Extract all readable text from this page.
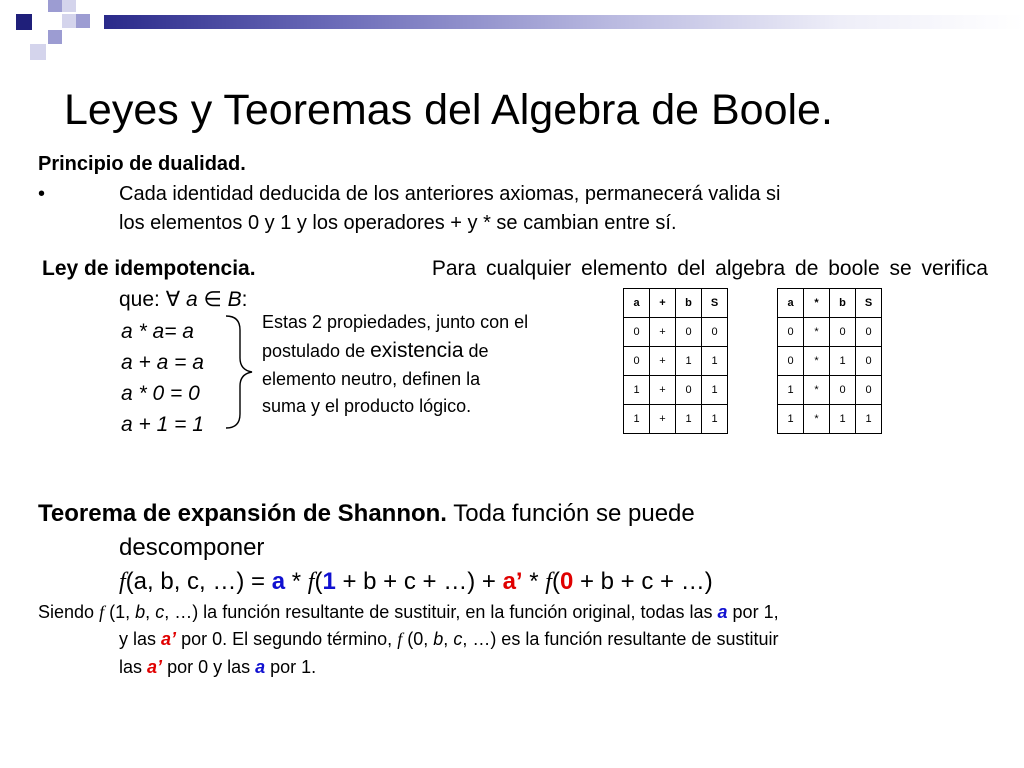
Leyes y Teoremas del Algebra de Boole.
Principio de dualidad.
•	Cada identidad deducida de los anteriores axiomas, permanecerá valida si
los elementos 0 y 1 y los operadores + y * se cambian entre sí.
Ley de idempotencia.	Para cualquier elemento del algebra de boole se verifica
que: ∀ a ∈ B:
a * a= a
a + a = a
a * 0 = 0
a + 1 = 1
Estas 2 propiedades, junto con el
postulado de existencia de
elemento neutro, definen la
suma y el producto lógico.
a	+	b	S
0	+	0	0
0	+	1	1
1	+	0	1
1	+	1	1
a	*	b	S
0	*	0	0
0	*	1	0
1	*	0	0
1	*	1	1
Teorema de expansión de Shannon. Toda función se puede
descomponer
f(a, b, c, …) = a * f(1 + b + c + …) + a’ * f(0 + b + c + …)
Siendo f (1, b, c, …) la función resultante de sustituir, en la función original, todas las a por 1,
y las a’ por 0. El segundo término, f (0, b, c, …) es la función resultante de sustituir
las a’ por 0 y las a por 1.
